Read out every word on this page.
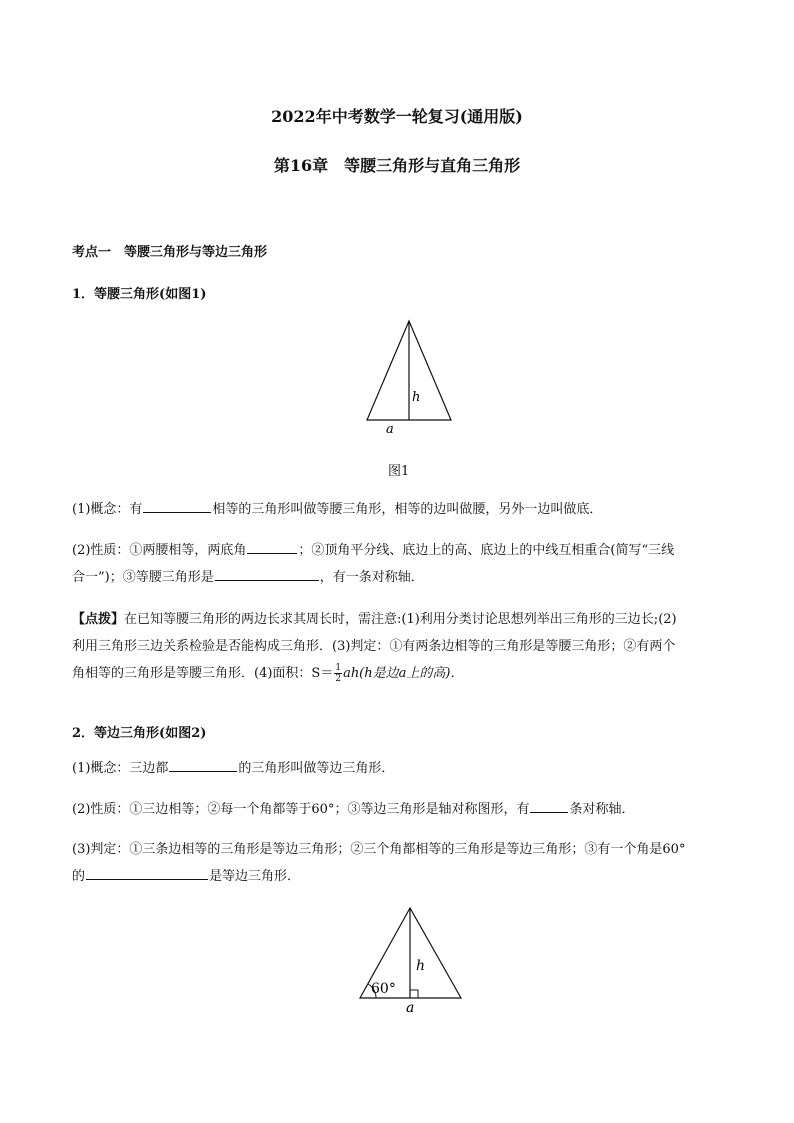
2022年中考数学一轮复习(通用版)
第16章　等腰三角形与直角三角形
考点一　等腰三角形与等边三角形
1．等腰三角形(如图1)
h
a
图1
(1)概念：有	相等的三角形叫做等腰三角形，相等的边叫做腰，另外一边叫做底．
(2)性质：①两腰相等，两底角	；②顶角平分线、底边上的高、底边上的中线互相重合(简写“三线
合一”)；③等腰三角形是	，有一条对称轴．
【点拨】在已知等腰三角形的两边长求其周长时，需注意:(1)利用分类讨论思想列举出三角形的三边长;(2)
利用三角形三边关系检验是否能构成三角形．(3)判定：①有两条边相等的三角形是等腰三角形；②有两个
角相等的三角形是等腰三角形．(4)面积：$S= \frac{1}{2} ah(h$是边a上的高)．
2．等边三角形(如图2)
(1)概念：三边都	的三角形叫做等边三角形．
(2)性质：①三边相等；②每一个角都等于60°；③等边三角形是轴对称图形，有	条对称轴．
(3)判定：①三条边相等的三角形是等边三角形；②三个角都相等的三角形是等边三角形；③有一个角是60°
的	是等边三角形．
60°
h
a
